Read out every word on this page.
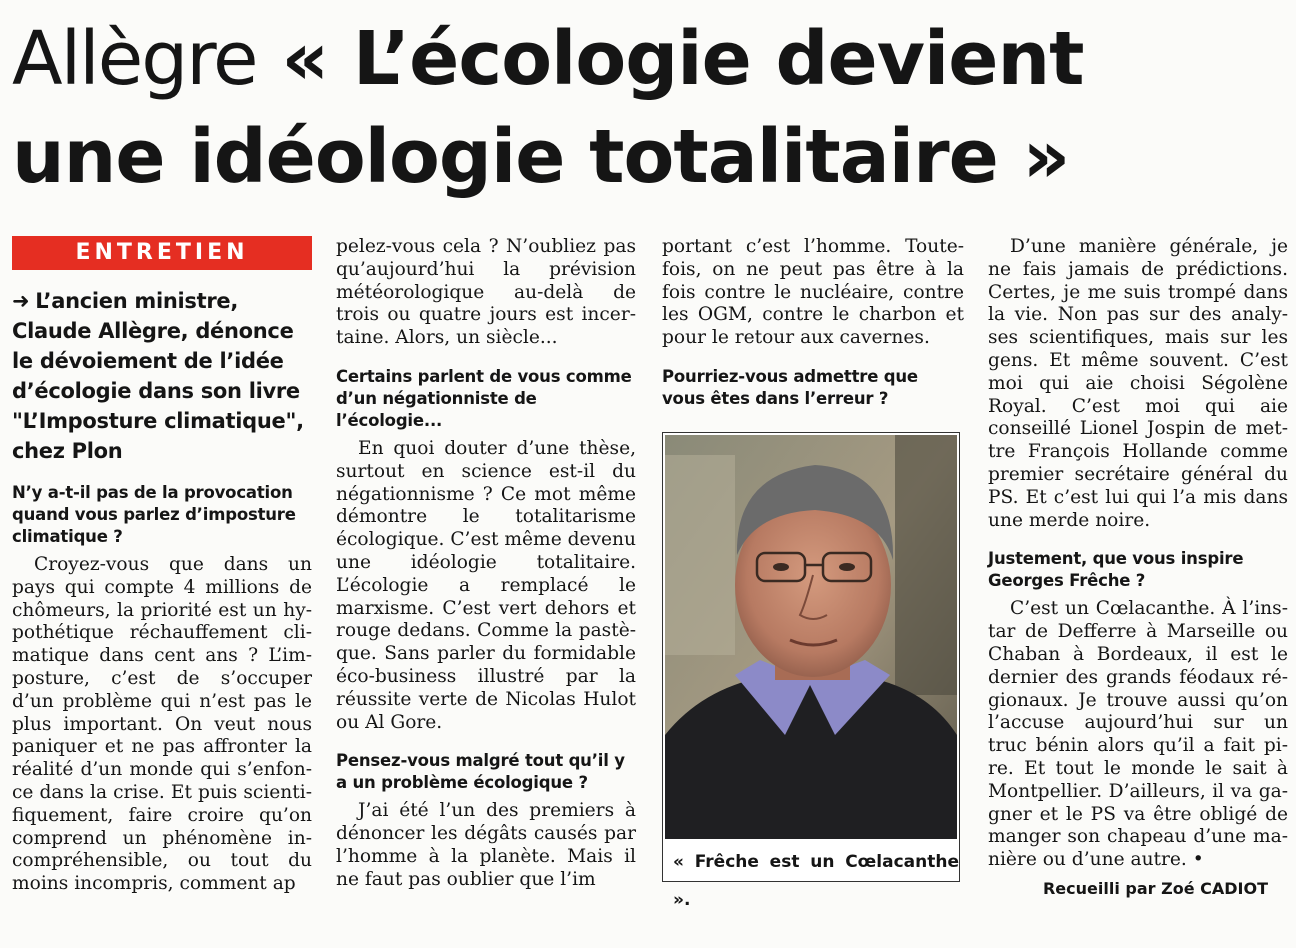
Allègre « L’écologie devient
une idéologie totalitaire »
ENTRETIEN
➜ L’ancien ministre, Claude Allègre, dénonce le dévoiement de l’idée d’écologie dans son livre "L’Imposture climatique", chez Plon
N’y a-t-il pas de la provocation quand vous parlez d’imposture climatique ?

Croyez-vous que dans un pays qui compte 4 millions de chômeurs, la priorité est un hypothétique réchauffement climatique dans cent ans ? L’imposture, c’est de s’occuper d’un problème qui n’est pas le plus important. On veut nous paniquer et ne pas affronter la réalité d’un monde qui s’enfonce dans la crise. Et puis scientifiquement, faire croire qu’on comprend un phénomène incompréhensible, ou tout du moins incompris, comment ap

pelez-vous cela ? N’oubliez pas qu’aujourd’hui la prévision météorologique au-delà de trois ou quatre jours est incertaine. Alors, un siècle...

Certains parlent de vous comme d’un négationniste de l’écologie...

En quoi douter d’une thèse, surtout en science est-il du négationnisme ? Ce mot même démontre le totalitarisme écologique. C’est même devenu une idéologie totalitaire. L’écologie a remplacé le marxisme. C’est vert dehors et rouge dedans. Comme la pastèque. Sans parler du formidable éco-business illustré par la réussite verte de Nicolas Hulot ou Al Gore.

Pensez-vous malgré tout qu’il y a un problème écologique ?

J’ai été l’un des premiers à dénoncer les dégâts causés par l’homme à la planète. Mais il ne faut pas oublier que l’im

portant c’est l’homme. Toutefois, on ne peut pas être à la fois contre le nucléaire, contre les OGM, contre le charbon et pour le retour aux cavernes.

Pourriez-vous admettre que vous êtes dans l’erreur ?
« Frêche est un Cœlacanthe ».

D’une manière générale, je ne fais jamais de prédictions. Certes, je me suis trompé dans la vie. Non pas sur des analyses scientifiques, mais sur les gens. Et même souvent. C’est moi qui aie choisi Ségolène Royal. C’est moi qui aie conseillé Lionel Jospin de mettre François Hollande comme premier secrétaire général du PS. Et c’est lui qui l’a mis dans une merde noire.

Justement, que vous inspire Georges Frêche ?

C’est un Cœlacanthe. À l’instar de Defferre à Marseille ou Chaban à Bordeaux, il est le dernier des grands féodaux régionaux. Je trouve aussi qu’on l’accuse aujourd’hui sur un truc bénin alors qu’il a fait pire. Et tout le monde le sait à Montpellier. D’ailleurs, il va gagner et le PS va être obligé de manger son chapeau d’une manière ou d’une autre. •

Recueilli par Zoé CADIOT
